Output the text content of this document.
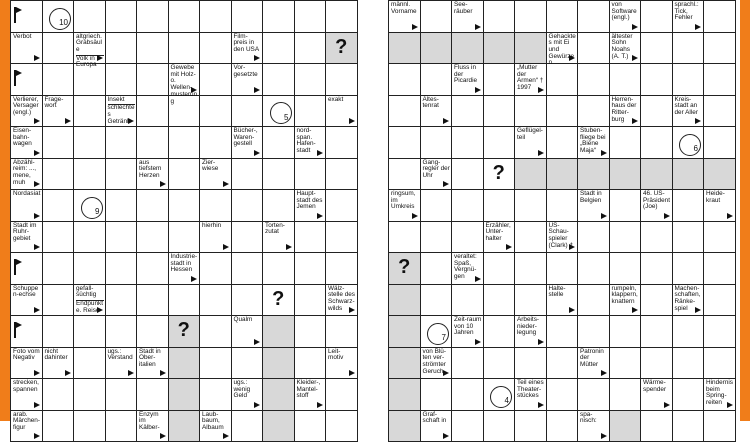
10
Verbot	altgriech. Grabsäule
Volk in Europa
Film-preis in den USA	?
Gewebe mit Holz-o. Wellen-musterung
Vor-gesetzte
Verlierer, Versager (engl.)
Frage-wort
Insekt
schlechtes Getränk	5
exakt
Eisen-bahn-wagen
Bücher-, Waren-gestell
nord-span. Hafen-stadt
Abzähl-reim: ..., mene, muh
aus tiefstem Herzen
Zier-wiese
Nordasiat
9
Haupt-stadt des Jemen
Stadt im Ruhr-gebiet
hierhin	Torten-zutat
Industrie-stadt in Hessen
Schuppen-echse
gefall-süchtig
Endpunkt e. Reise
?	Wälz-stelle des Schwarz-wilds
?	Qualm
Foto vom Negativ
nicht dahinter
ugs.: Verstand
Stadt in Ober-italien
Leit-motiv
strecken, spannen
ugs.: wenig Geld
Kleider-, Mantel-stoff
arab. Märchen-figur
Enzym im Kälber-
Laub-baum, Albaum
männl. Vorname
See-räuber
von Software (engl.)
sprachl.: Tick, Fehler
Gehacktes mit Ei und Gewürzen
ältester Sohn Noahs (A. T.)
Fluss in der Picardie
„Mutter der Armen“ † 1997
Ältes-tenrat
Herren-haus der Ritter-burg
Kreis-stadt an der Aller
Geflügel-teil
Stuben-fliege bei „Biene Maja“	6
Gang-regler der Uhr	?
ringsum, im Umkreis
Stadt in Belgien
46. US-Präsident (Joe)
Heide-kraut
Erzähler, Unter-halter
US-Schau-spieler (Clark) †
?	veraltet: Spaß, Vergnü-gen
Halte-stelle
rumpeln, klappern, knattern
Machen-schaften, Ränke-spiel
7
Zeit-raum von 10 Jahren
Arbeits-nieder-legung
von Blü-ten ver-strömter Geruch
Patronin der Mütter
4
Teil eines Theater-stückes
Wärme-spender
Hindernis beim Spring-reiten
Graf-schaft in
spa-nisch:
